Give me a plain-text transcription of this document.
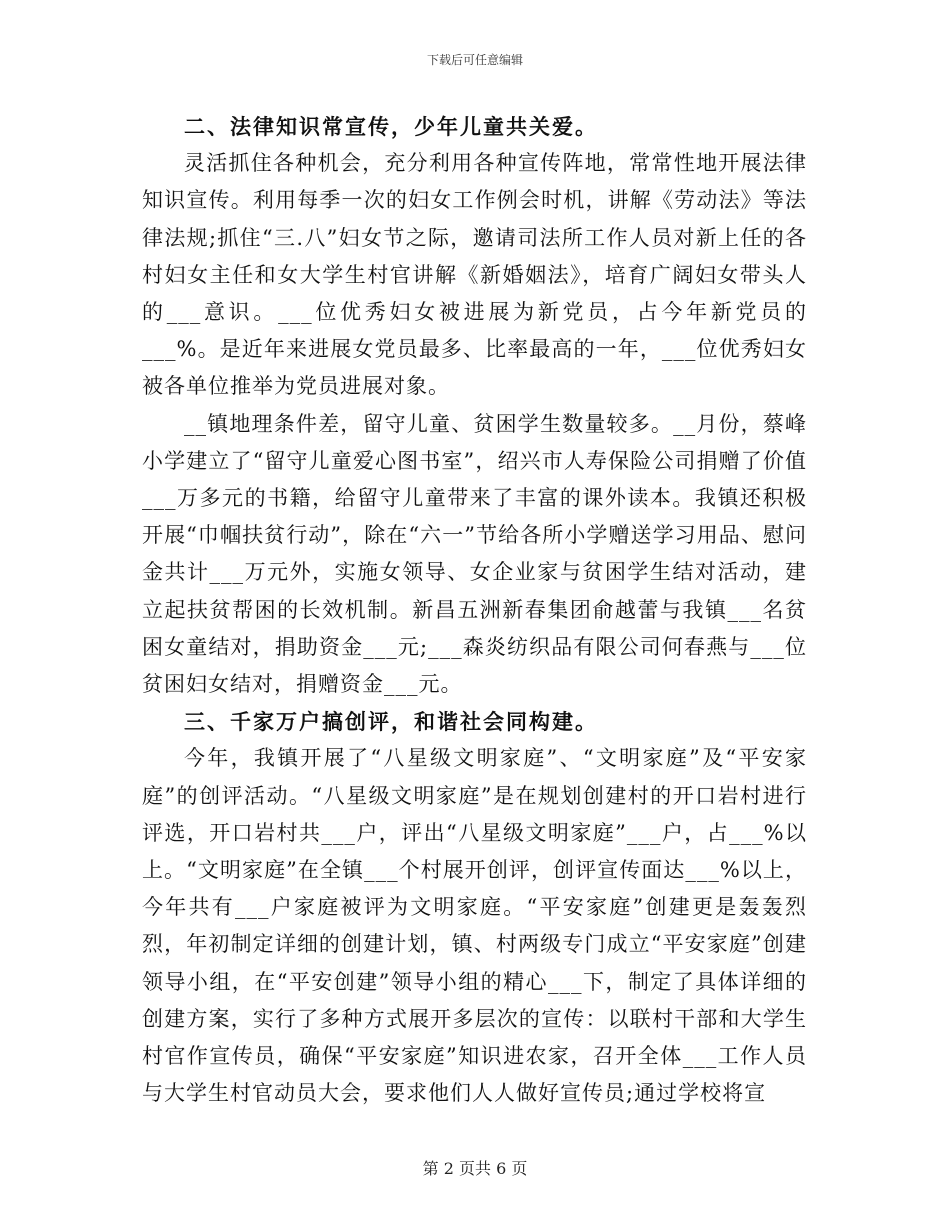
下载后可任意编辑
二、法律知识常宣传，少年儿童共关爱。
灵活抓住各种机会，充分利用各种宣传阵地，常常性地开展法律知识宣传。利用每季一次的妇女工作例会时机，讲解《劳动法》等法律法规;抓住“三.八”妇女节之际，邀请司法所工作人员对新上任的各村妇女主任和女大学生村官讲解《新婚姻法》，培育广阔妇女带头人的___意识。___位优秀妇女被进展为新党员，占今年新党员的___%。是近年来进展女党员最多、比率最高的一年，___位优秀妇女被各单位推举为党员进展对象。
__镇地理条件差，留守儿童、贫困学生数量较多。__月份，蔡峰小学建立了“留守儿童爱心图书室”，绍兴市人寿保险公司捐赠了价值___万多元的书籍，给留守儿童带来了丰富的课外读本。我镇还积极开展“巾帼扶贫行动”，除在“六一”节给各所小学赠送学习用品、慰问金共计___万元外，实施女领导、女企业家与贫困学生结对活动，建立起扶贫帮困的长效机制。新昌五洲新春集团俞越蕾与我镇___名贫困女童结对，捐助资金___元;___森炎纺织品有限公司何春燕与___位贫困妇女结对，捐赠资金___元。
三、千家万户搞创评，和谐社会同构建。
今年，我镇开展了“八星级文明家庭”、“文明家庭”及“平安家庭”的创评活动。“八星级文明家庭”是在规划创建村的开口岩村进行评选，开口岩村共___户，评出“八星级文明家庭”___户，占___%以上。“文明家庭”在全镇___个村展开创评，创评宣传面达___%以上，今年共有___户家庭被评为文明家庭。“平安家庭”创建更是轰轰烈烈，年初制定详细的创建计划，镇、村两级专门成立“平安家庭”创建领导小组，在“平安创建”领导小组的精心___下，制定了具体详细的创建方案，实行了多种方式展开多层次的宣传：以联村干部和大学生村官作宣传员，确保“平安家庭”知识进农家，召开全体___工作人员与大学生村官动员大会，要求他们人人做好宣传员;通过学校将宣
第 2 页共 6 页
